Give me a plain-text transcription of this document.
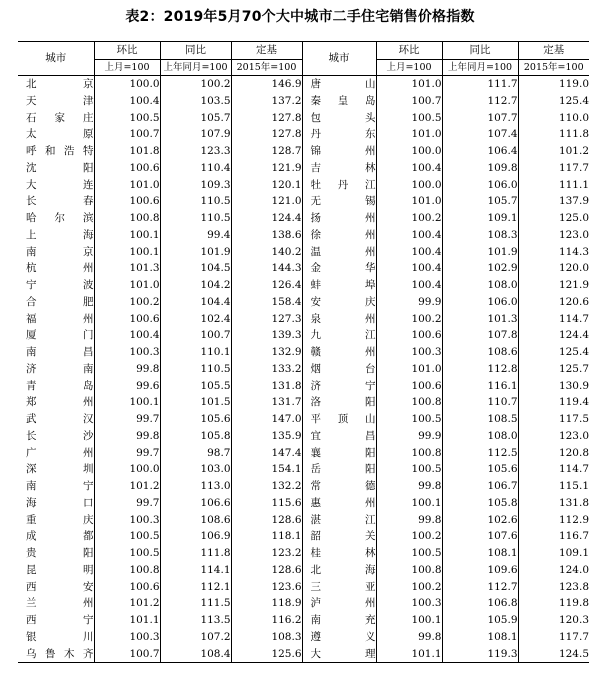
表2：2019年5月70个大中城市二手住宅销售价格指数
城市	环比	同比	定基	城市	环比	同比	定基
	上月=100	上年同月=100	2015年=100		上月=100	上年同月=100	2015年=100
北　京	100.0	100.2	146.9	唐　山	101.0	111.7	119.0
天　津	100.4	103.5	137.2	秦皇岛	100.7	112.7	125.4
石家庄	100.5	105.7	127.8	包　头	100.5	107.7	110.0
太　原	100.7	107.9	127.8	丹　东	101.0	107.4	111.8
呼和浩特	101.8	123.3	128.7	锦　州	100.0	106.4	101.2
沈　阳	100.6	110.4	121.9	吉　林	100.4	109.8	117.7
大　连	101.0	109.3	120.1	牡丹江	100.0	106.0	111.1
长　春	100.6	110.5	121.0	无　锡	101.0	105.7	137.9
哈尔滨	100.8	110.5	124.4	扬　州	100.2	109.1	125.0
上　海	100.1	99.4	138.6	徐　州	100.4	108.3	123.0
南　京	100.1	101.9	140.2	温　州	100.4	101.9	114.3
杭　州	101.3	104.5	144.3	金　华	100.4	102.9	120.0
宁　波	101.0	104.2	126.4	蚌　埠	100.4	108.0	121.9
合　肥	100.2	104.4	158.4	安　庆	99.9	106.0	120.6
福　州	100.6	102.4	127.3	泉　州	100.2	101.3	114.7
厦　门	100.4	100.7	139.3	九　江	100.6	107.8	124.4
南　昌	100.3	110.1	132.9	赣　州	100.3	108.6	125.4
济　南	99.8	110.5	133.2	烟　台	101.0	112.8	125.7
青　岛	99.6	105.5	131.8	济　宁	100.6	116.1	130.9
郑　州	100.1	101.5	131.7	洛　阳	100.8	110.7	119.4
武　汉	99.7	105.6	147.0	平顶山	100.5	108.5	117.5
长　沙	99.8	105.8	135.9	宜　昌	99.9	108.0	123.0
广　州	99.7	98.7	147.4	襄　阳	100.8	112.5	120.8
深　圳	100.0	103.0	154.1	岳　阳	100.5	105.6	114.7
南　宁	101.2	113.0	132.2	常　德	99.8	106.7	115.1
海　口	99.7	106.6	115.6	惠　州	100.1	105.8	131.8
重　庆	100.3	108.6	128.6	湛　江	99.8	102.6	112.9
成　都	100.5	106.9	118.1	韶　关	100.2	107.6	116.7
贵　阳	100.5	111.8	123.2	桂　林	100.5	108.1	109.1
昆　明	100.8	114.1	128.6	北　海	100.8	109.6	124.0
西　安	100.6	112.1	123.6	三　亚	100.2	112.7	123.8
兰　州	101.2	111.5	118.9	泸　州	100.3	106.8	119.8
西　宁	101.1	113.5	116.2	南　充	100.1	105.9	120.3
银　川	100.3	107.2	108.3	遵　义	99.8	108.1	117.7
乌鲁木齐	100.7	108.4	125.6	大　理	101.1	119.3	124.5
